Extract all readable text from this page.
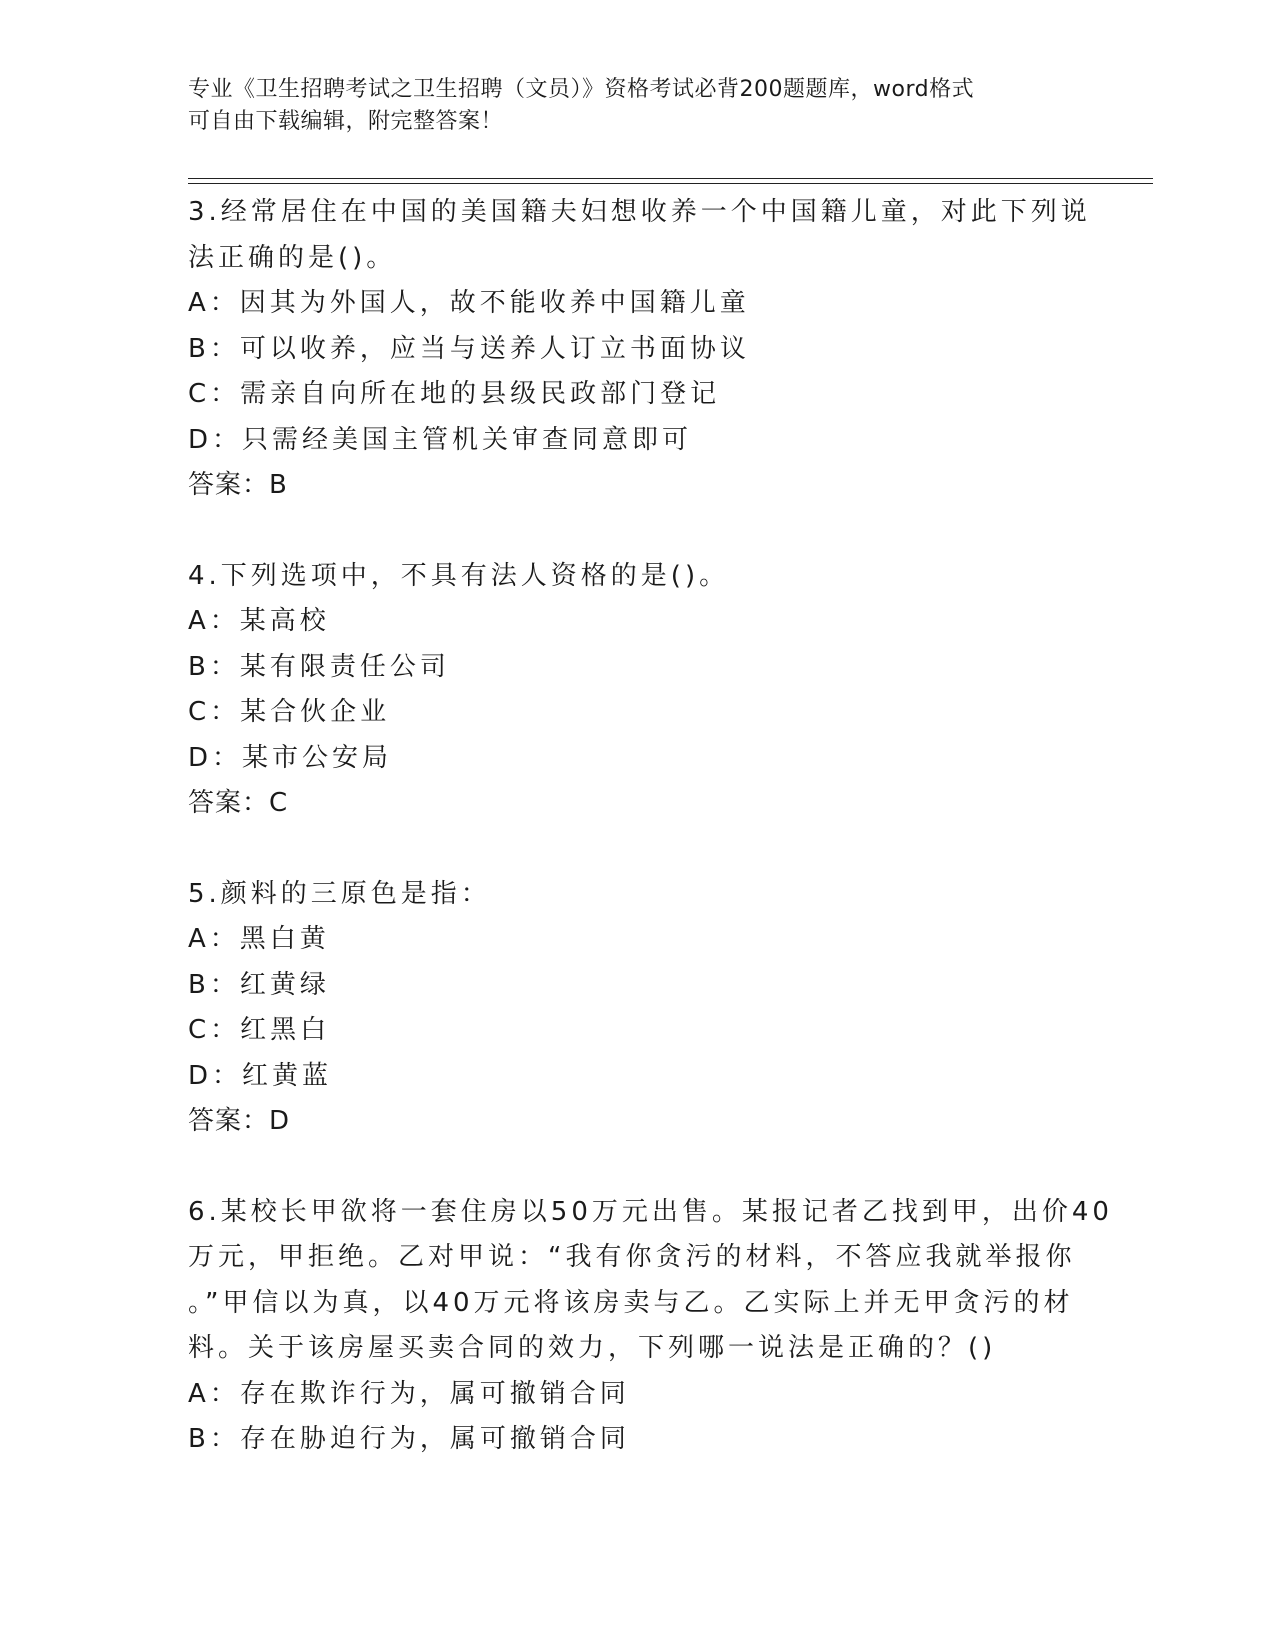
专业《卫生招聘考试之卫生招聘（文员）》资格考试必背200题题库，word格式
可自由下载编辑，附完整答案！
3.经常居住在中国的美国籍夫妇想收养一个中国籍儿童，对此下列说
法正确的是()。
A：因其为外国人，故不能收养中国籍儿童
B：可以收养，应当与送养人订立书面协议
C：需亲自向所在地的县级民政部门登记
D：只需经美国主管机关审查同意即可
答案：B
4.下列选项中，不具有法人资格的是()。
A：某高校
B：某有限责任公司
C：某合伙企业
D：某市公安局
答案：C
5.颜料的三原色是指：
A：黑白黄
B：红黄绿
C：红黑白
D：红黄蓝
答案：D
6.某校长甲欲将一套住房以50万元出售。某报记者乙找到甲，出价40
万元，甲拒绝。乙对甲说：“我有你贪污的材料，不答应我就举报你
。”甲信以为真，以40万元将该房卖与乙。乙实际上并无甲贪污的材
料。关于该房屋买卖合同的效力，下列哪一说法是正确的？()
A：存在欺诈行为，属可撤销合同
B：存在胁迫行为，属可撤销合同
